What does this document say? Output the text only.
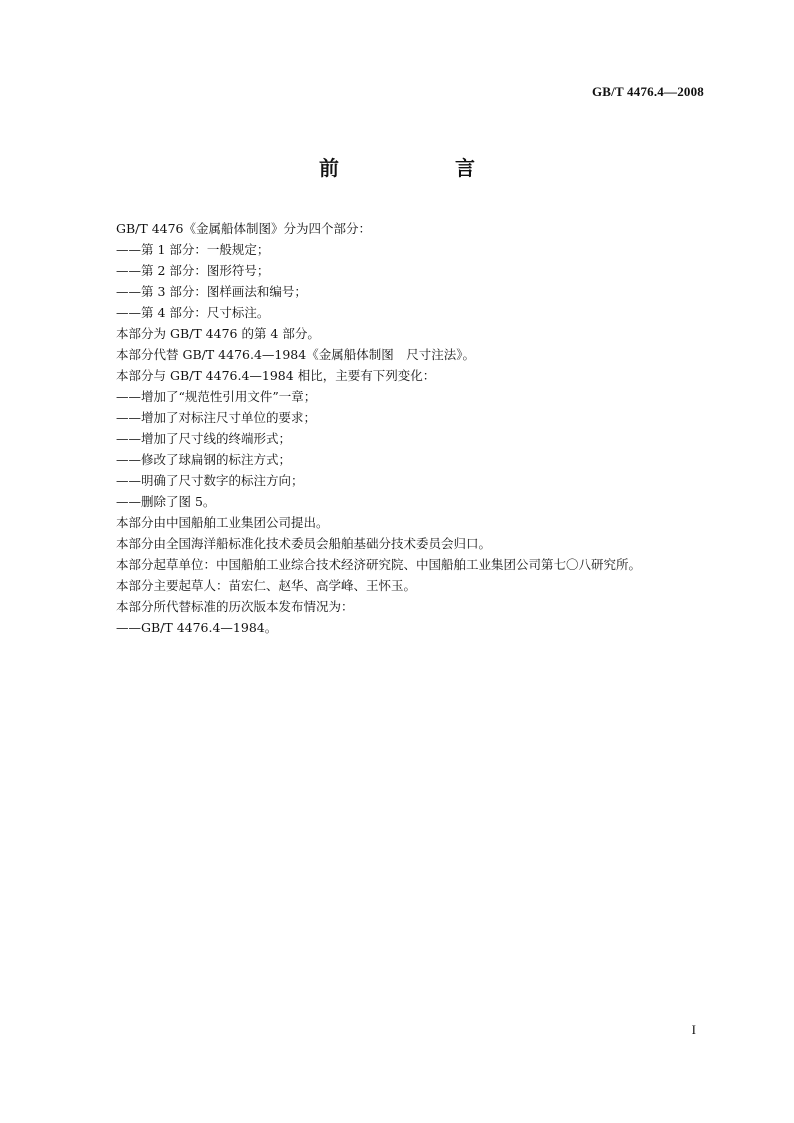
GB/T 4476.4—2008
前　言
GB/T 4476《金属船体制图》分为四个部分：
——第 1 部分：一般规定；
——第 2 部分：图形符号；
——第 3 部分：图样画法和编号；
——第 4 部分：尺寸标注。
本部分为 GB/T 4476 的第 4 部分。
本部分代替 GB/T 4476.4—1984《金属船体制图　尺寸注法》。
本部分与 GB/T 4476.4—1984 相比，主要有下列变化：
——增加了“规范性引用文件”一章；
——增加了对标注尺寸单位的要求；
——增加了尺寸线的终端形式；
——修改了球扁钢的标注方式；
——明确了尺寸数字的标注方向；
——删除了图 5。
本部分由中国船舶工业集团公司提出。
本部分由全国海洋船标准化技术委员会船舶基础分技术委员会归口。
本部分起草单位：中国船舶工业综合技术经济研究院、中国船舶工业集团公司第七〇八研究所。
本部分主要起草人：苗宏仁、赵华、高学峰、王怀玉。
本部分所代替标准的历次版本发布情况为：
——GB/T 4476.4—1984。
I
